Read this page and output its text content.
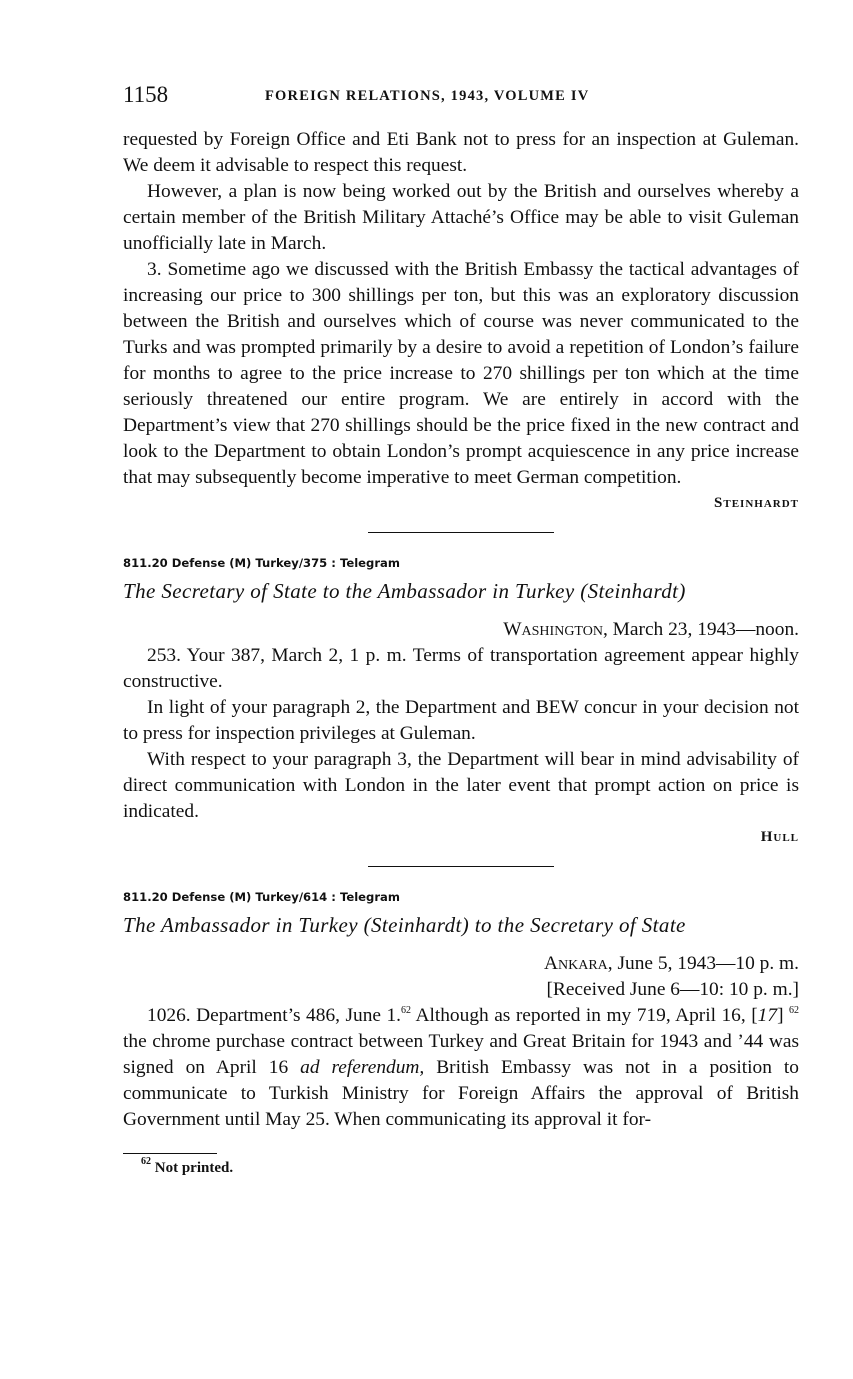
1158	FOREIGN RELATIONS, 1943, VOLUME IV

requested by Foreign Office and Eti Bank not to press for an inspection at Guleman. We deem it advisable to respect this request.

However, a plan is now being worked out by the British and ourselves whereby a certain member of the British Military Attaché’s Office may be able to visit Guleman unofficially late in March.

3. Sometime ago we discussed with the British Embassy the tactical advantages of increasing our price to 300 shillings per ton, but this was an exploratory discussion between the British and ourselves which of course was never communicated to the Turks and was prompted primarily by a desire to avoid a repetition of London’s failure for months to agree to the price increase to 270 shillings per ton which at the time seriously threatened our entire program. We are entirely in accord with the Department’s view that 270 shillings should be the price fixed in the new contract and look to the Department to obtain London’s prompt acquiescence in any price increase that may subsequently become imperative to meet German competition.

Steinhardt
811.20 Defense (M) Turkey/375 : Telegram
The Secretary of State to the Ambassador in Turkey (Steinhardt)
Washington, March 23, 1943—noon.

253. Your 387, March 2, 1 p. m. Terms of transportation agreement appear highly constructive.

In light of your paragraph 2, the Department and BEW concur in your decision not to press for inspection privileges at Guleman.

With respect to your paragraph 3, the Department will bear in mind advisability of direct communication with London in the later event that prompt action on price is indicated.

Hull
811.20 Defense (M) Turkey/614 : Telegram
The Ambassador in Turkey (Steinhardt) to the Secretary of State
Ankara, June 5, 1943—10 p. m.
[Received June 6—10: 10 p. m.]

1026. Department’s 486, June 1.62 Although as reported in my 719, April 16, [17] $^{62}$ the chrome purchase contract between Turkey and Great Britain for 1943 and ’44 was signed on April 16 ad referendum, British Embassy was not in a position to communicate to Turkish Ministry for Foreign Affairs the approval of British Government until May 25. When communicating its approval it for-

$^{62}$ Not printed.
